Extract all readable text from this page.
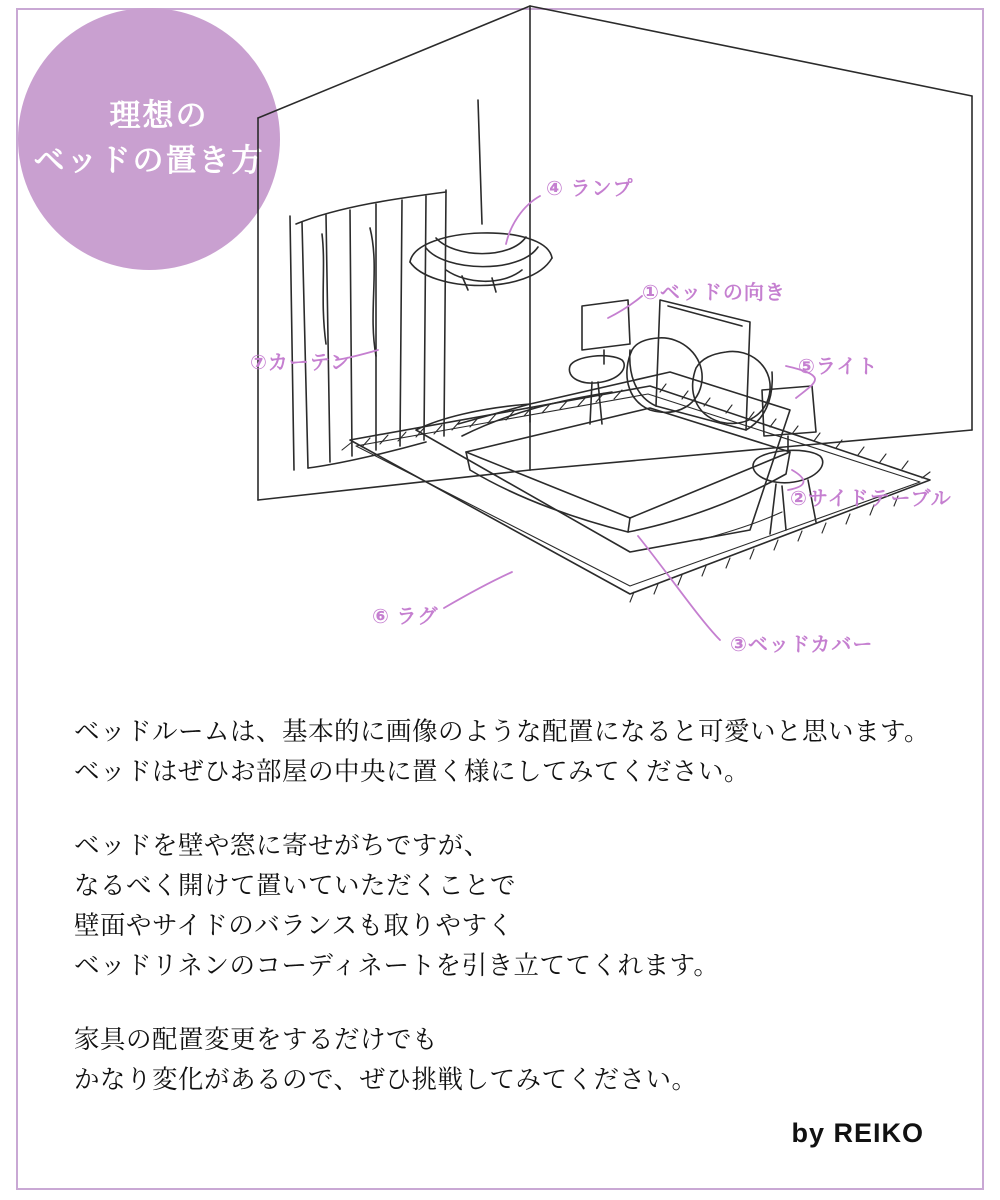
理想の
ベッドの置き方
④ ランプ
①ベッドの向き
⑤ライト
⑦カーテン
②サイドテーブル
⑥ ラグ
③ベッドカバー

ベッドルームは、基本的に画像のような配置になると可愛いと思います。
ベッドはぜひお部屋の中央に置く様にしてみてください。

ベッドを壁や窓に寄せがちですが、
なるべく開けて置いていただくことで
壁面やサイドのバランスも取りやすく
ベッドリネンのコーディネートを引き立ててくれます。

家具の配置変更をするだけでも
かなり変化があるので、ぜひ挑戦してみてください。

by REIKO
